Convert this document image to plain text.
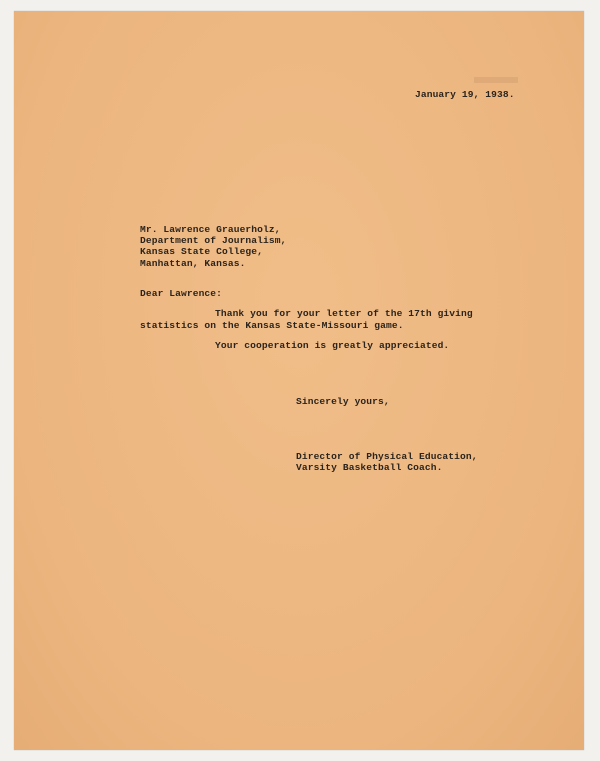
January 19, 1938.
Mr. Lawrence Grauerholz,
Department of Journalism,
Kansas State College,
Manhattan, Kansas.
Dear Lawrence:
Thank you for your letter of the 17th giving
statistics on the Kansas State-Missouri game.
Your cooperation is greatly appreciated.
Sincerely yours,
Director of Physical Education,
Varsity Basketball Coach.
